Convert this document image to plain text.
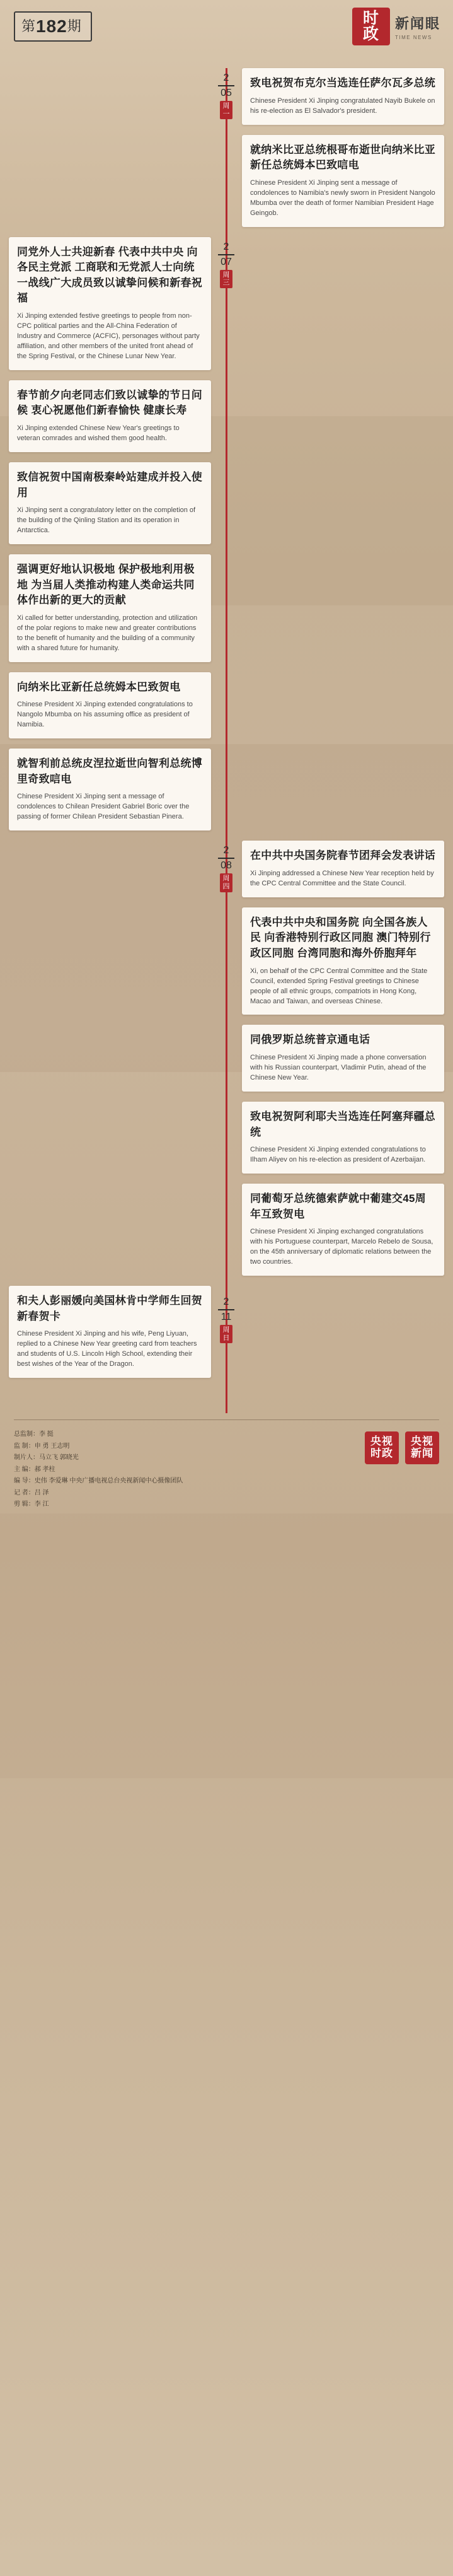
第182期	时
政
新闻眼
TIME NEWS
2
05
周
一
致电祝贺布克尔当选连任萨尔瓦多总统
Chinese President Xi Jinping congratulated Nayib Bukele on his re-election as El Salvador's president.
就纳米比亚总统根哥布逝世向纳米比亚新任总统姆本巴致唁电
Chinese President Xi Jinping sent a message of condolences to Namibia's newly sworn in President Nangolo Mbumba over the death of former Namibian President Hage Geingob.
同党外人士共迎新春 代表中共中央 向各民主党派 工商联和无党派人士向统一战线广大成员致以诚挚问候和新春祝福
Xi Jinping extended festive greetings to people from non-CPC political parties and the All-China Federation of Industry and Commerce (ACFIC), personages without party affiliation, and other members of the united front ahead of the Spring Festival, or the Chinese Lunar New Year.
春节前夕向老同志们致以诚挚的节日问候 衷心祝愿他们新春愉快 健康长寿
Xi Jinping extended Chinese New Year's greetings to veteran comrades and wished them good health.
致信祝贺中国南极秦岭站建成并投入使用
Xi Jinping sent a congratulatory letter on the completion of the building of the Qinling Station and its operation in Antarctica.
强调更好地认识极地 保护极地利用极地 为当届人类推动构建人类命运共同体作出新的更大的贡献
Xi called for better understanding, protection and utilization of the polar regions to make new and greater contributions to the benefit of humanity and the building of a community with a shared future for humanity.
向纳米比亚新任总统姆本巴致贺电
Chinese President Xi Jinping extended congratulations to Nangolo Mbumba on his assuming office as president of Namibia.
就智利前总统皮涅拉逝世向智利总统博里奇致唁电
Chinese President Xi Jinping sent a message of condolences to Chilean President Gabriel Boric over the passing of former Chilean President Sebastian Pinera.
2
07
周
三
2
08
周
四
在中共中央国务院春节团拜会发表讲话
Xi Jinping addressed a Chinese New Year reception held by the CPC Central Committee and the State Council.
代表中共中央和国务院 向全国各族人民 向香港特别行政区同胞 澳门特别行政区同胞 台湾同胞和海外侨胞拜年
Xi, on behalf of the CPC Central Committee and the State Council, extended Spring Festival greetings to Chinese people of all ethnic groups, compatriots in Hong Kong, Macao and Taiwan, and overseas Chinese.
同俄罗斯总统普京通电话
Chinese President Xi Jinping made a phone conversation with his Russian counterpart, Vladimir Putin, ahead of the Chinese New Year.
致电祝贺阿利耶夫当选连任阿塞拜疆总统
Chinese President Xi Jinping extended congratulations to Ilham Aliyev on his re-election as president of Azerbaijan.
同葡萄牙总统德索萨就中葡建交45周年互致贺电
Chinese President Xi Jinping exchanged congratulations with his Portuguese counterpart, Marcelo Rebelo de Sousa, on the 45th anniversary of diplomatic relations between the two countries.
和夫人彭丽媛向美国林肯中学师生回贺新春贺卡
Chinese President Xi Jinping and his wife, Peng Liyuan, replied to a Chinese New Year greeting card from teachers and students of U.S. Lincoln High School, extending their best wishes of the Year of the Dragon.
2
11
周
日
总监制：李 挺
监 制：申 勇 王志明
制片人：马立飞 郭晓光
主 编：郝 孝柱
编 导：史伟 李爱琳 中央广播电视总台央视新闻中心摄像团队
记 者：吕 泽
剪 辑：李 江
央视
时政
央视
新闻
